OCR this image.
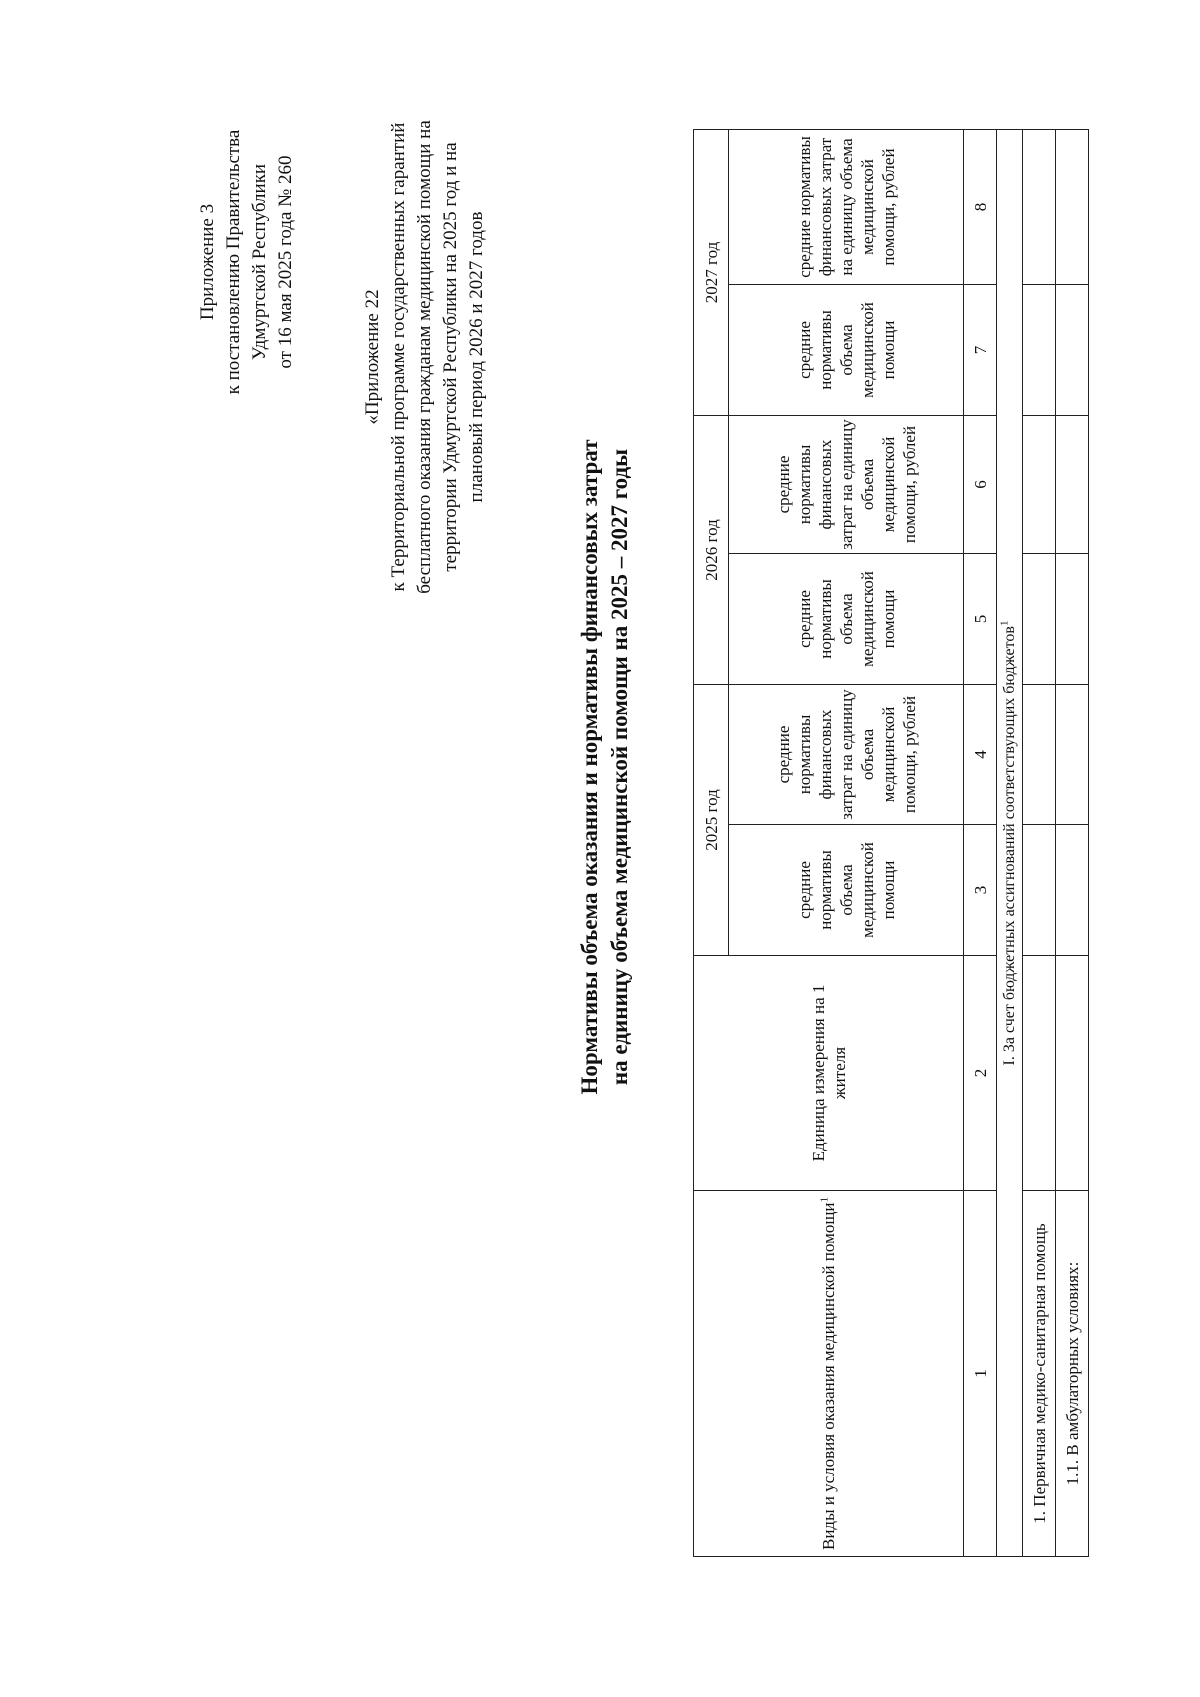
Приложение 3 к постановлению Правительства Удмуртской Республики от 16 мая 2025 года № 260	«Приложение 22 к Территориальной программе государственных гарантий бесплатного оказания гражданам медицинской помощи на территории Удмуртской Республики на 2025 год и на плановый период 2026 и 2027 годов
Нормативы объема оказания и нормативы финансовых затрат на единицу объема медицинской помощи на 2025 – 2027 годы
Виды и условия оказания медицинской помощи$^1$	Единица измерения на 1 жителя	2025 год		2026 год		2027 год	
		средние нормативы объема медицинской помощи	средние нормативы финансовых затрат на единицу объема медицинской помощи, рублей	средние нормативы объема медицинской помощи	средние нормативы финансовых затрат на единицу объема медицинской помощи, рублей	средние нормативы объема медицинской помощи	средние нормативы финансовых затрат на единицу объема медицинской помощи, рублей
1	2	3	4	5	6	7	8
I. За счет бюджетных ассигнований соответствующих бюджетов$^1$
1. Первичная медико-санитарная помощь							
1.1. В амбулаторных условиях:							
